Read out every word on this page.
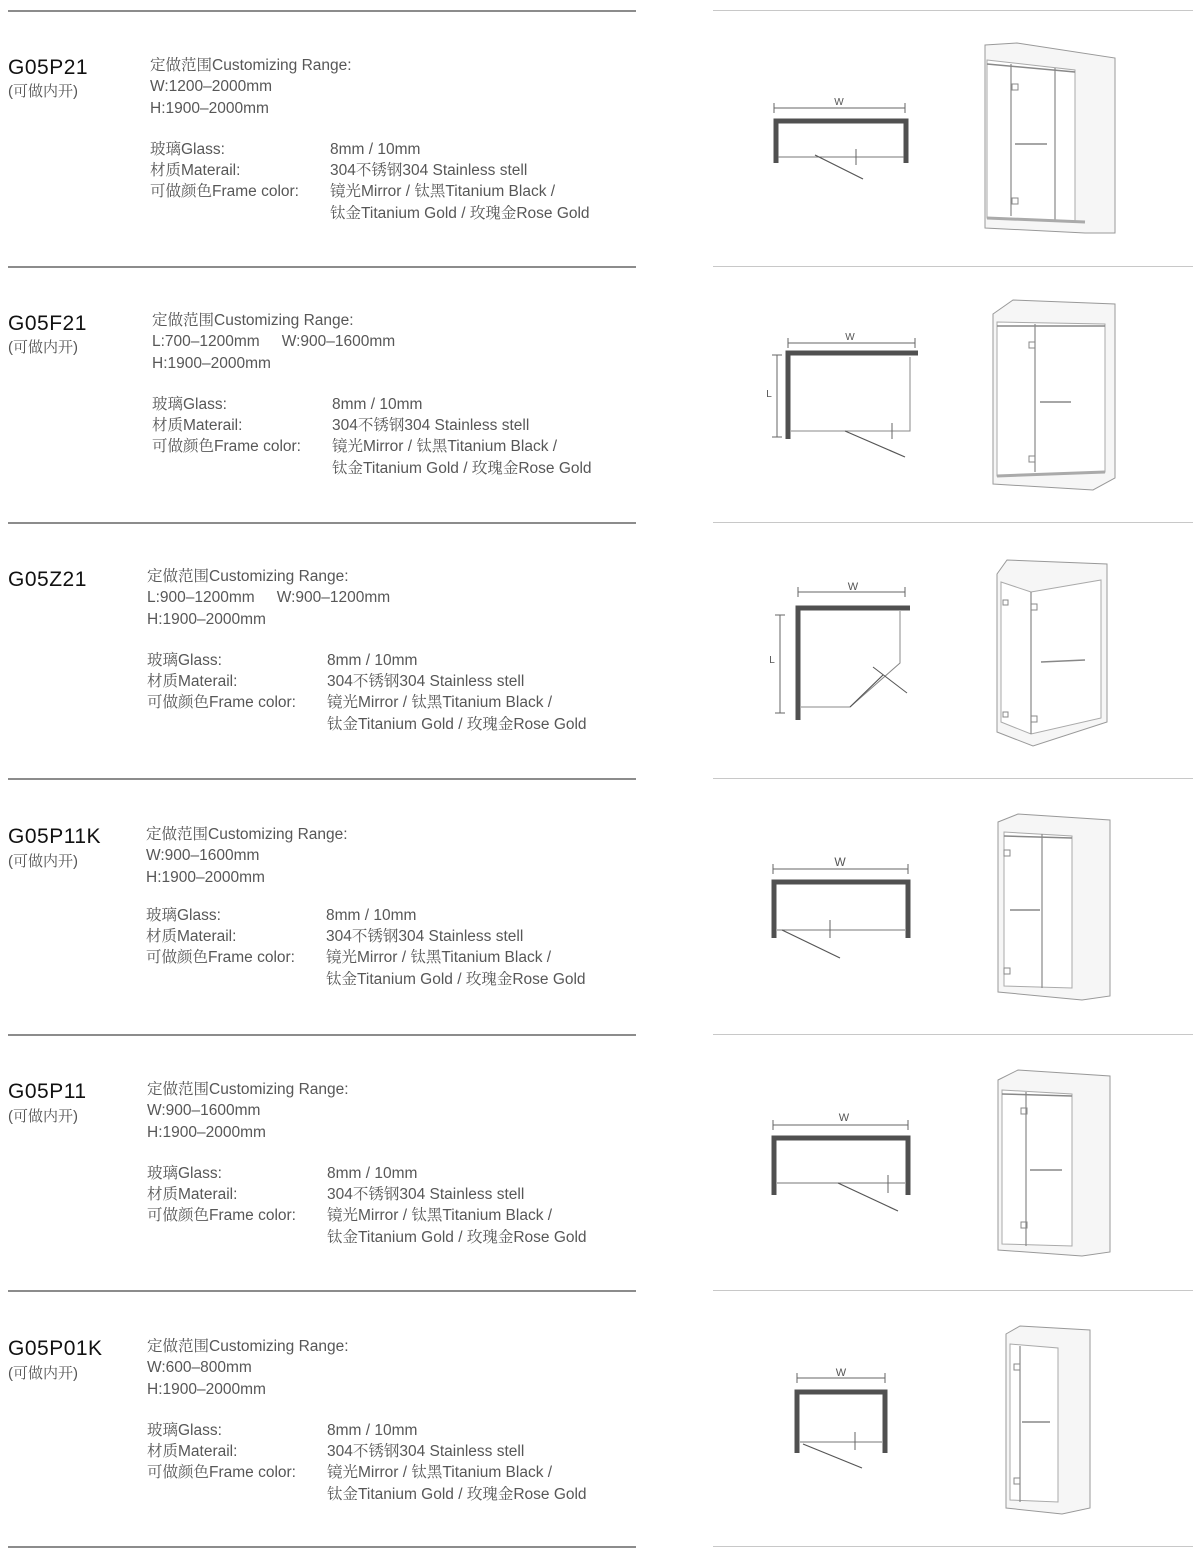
G05P21
(可做内开)
定做范围Customizing Range:
W:1200–2000mm
H:1900–2000mm
玻璃Glass:	8mm / 10mm
材质Materail:	304不锈钢304 Stainless stell
可做颜色Frame color:	镜光Mirror / 钛黑Titanium Black /
钛金Titanium Gold / 玫瑰金Rose Gold
W
G05F21
(可做内开)
定做范围Customizing Range:
L:700–1200mm W:900–1600mm
H:1900–2000mm
玻璃Glass:	8mm / 10mm
材质Materail:	304不锈钢304 Stainless stell
可做颜色Frame color:	镜光Mirror / 钛黑Titanium Black /
钛金Titanium Gold / 玫瑰金Rose Gold
W
L
G05Z21	定做范围Customizing Range:
L:900–1200mm W:900–1200mm
H:1900–2000mm
玻璃Glass:	8mm / 10mm
材质Materail:	304不锈钢304 Stainless stell
可做颜色Frame color:	镜光Mirror / 钛黑Titanium Black /
钛金Titanium Gold / 玫瑰金Rose Gold
W
L
G05P11K
(可做内开)
定做范围Customizing Range:
W:900–1600mm
H:1900–2000mm
玻璃Glass:	8mm / 10mm
材质Materail:	304不锈钢304 Stainless stell
可做颜色Frame color:	镜光Mirror / 钛黑Titanium Black /
钛金Titanium Gold / 玫瑰金Rose Gold
W
G05P11
(可做内开)
定做范围Customizing Range:
W:900–1600mm
H:1900–2000mm
玻璃Glass:	8mm / 10mm
材质Materail:	304不锈钢304 Stainless stell
可做颜色Frame color:	镜光Mirror / 钛黑Titanium Black /
钛金Titanium Gold / 玫瑰金Rose Gold
W
G05P01K
(可做内开)
定做范围Customizing Range:
W:600–800mm
H:1900–2000mm
玻璃Glass:	8mm / 10mm
材质Materail:	304不锈钢304 Stainless stell
可做颜色Frame color:	镜光Mirror / 钛黑Titanium Black /
钛金Titanium Gold / 玫瑰金Rose Gold
W
